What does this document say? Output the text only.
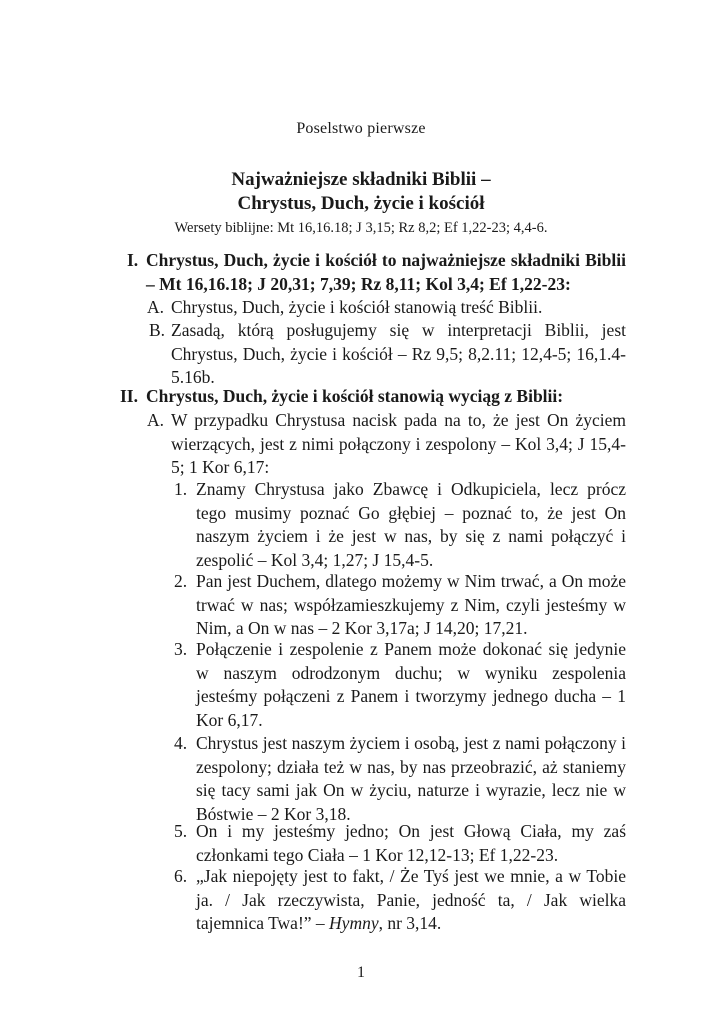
Poselstwo pierwsze
Najważniejsze składniki Biblii –
Chrystus, Duch, życie i kościół
Wersety biblijne: Mt 16,16.18; J 3,15; Rz 8,2; Ef 1,22-23; 4,4-6.
I. Chrystus, Duch, życie i kościół to najważniejsze składniki Biblii – Mt 16,16.18; J 20,31; 7,39; Rz 8,11; Kol 3,4; Ef 1,22-23:
A. Chrystus, Duch, życie i kościół stanowią treść Biblii.
B. Zasadą, którą posługujemy się w interpretacji Biblii, jest Chrystus, Duch, życie i kościół – Rz 9,5; 8,2.11; 12,4-5; 16,1.4-5.16b.
II. Chrystus, Duch, życie i kościół stanowią wyciąg z Biblii:
A. W przypadku Chrystusa nacisk pada na to, że jest On życiem wierzących, jest z nimi połączony i zespolony – Kol 3,4; J 15,4-5; 1 Kor 6,17:
1. Znamy Chrystusa jako Zbawcę i Odkupiciela, lecz prócz tego musimy poznać Go głębiej – poznać to, że jest On naszym życiem i że jest w nas, by się z nami połączyć i zespolić – Kol 3,4; 1,27; J 15,4-5.
2. Pan jest Duchem, dlatego możemy w Nim trwać, a On może trwać w nas; współzamieszkujemy z Nim, czyli jesteśmy w Nim, a On w nas – 2 Kor 3,17a; J 14,20; 17,21.
3. Połączenie i zespolenie z Panem może dokonać się jedynie w naszym odrodzonym duchu; w wyniku zespolenia jesteśmy połączeni z Panem i tworzymy jednego ducha – 1 Kor 6,17.
4. Chrystus jest naszym życiem i osobą, jest z nami połączony i zespolony; działa też w nas, by nas przeobrazić, aż staniemy się tacy sami jak On w życiu, naturze i wyrazie, lecz nie w Bóstwie – 2 Kor 3,18.
5. On i my jesteśmy jedno; On jest Głową Ciała, my zaś członkami tego Ciała – 1 Kor 12,12-13; Ef 1,22-23.
6. „Jak niepojęty jest to fakt, / Że Tyś jest we mnie, a w Tobie ja. / Jak rzeczywista, Panie, jedność ta, / Jak wielka tajemnica Twa!” – Hymny, nr 3,14.
1
